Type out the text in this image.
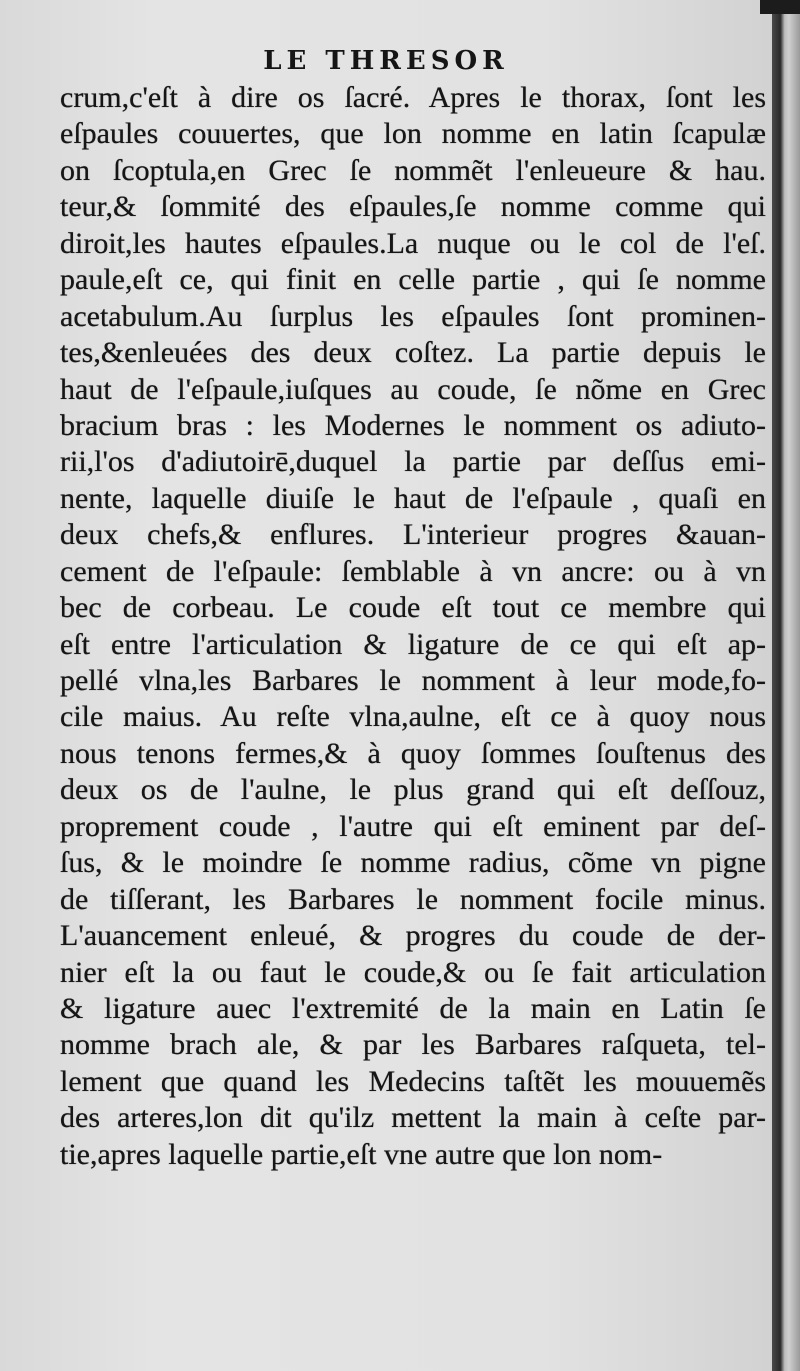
LE THRESOR
crum,c'eſt à dire os ſacré. Apres le thorax, ſont les
eſpaules couuertes, que lon nomme en latin ſcapulæ
on ſcoptula,en Grec ſe nommẽt l'enleueure & hau.
teur,& ſommité des eſpaules,ſe nomme comme qui
diroit,les hautes eſpaules.La nuque ou le col de l'eſ.
paule,eſt ce, qui finit en celle partie , qui ſe nomme
acetabulum.Au ſurplus les eſpaules ſont prominen-
tes,&enleuées des deux coſtez. La partie depuis le
haut de l'eſpaule,iuſques au coude, ſe nõme en Grec
bracium bras : les Modernes le nomment os adiuto-
rii,l'os d'adiutoirē,duquel la partie par deſſus emi-
nente, laquelle diuiſe le haut de l'eſpaule , quaſi en
deux chefs,& enflures. L'interieur progres &auan-
cement de l'eſpaule: ſemblable à vn ancre: ou à vn
bec de corbeau. Le coude eſt tout ce membre qui
eſt entre l'articulation & ligature de ce qui eſt ap-
pellé vlna,les Barbares le nomment à leur mode,fo-
cile maius. Au reſte vlna,aulne, eſt ce à quoy nous
nous tenons fermes,& à quoy ſommes ſouſtenus des
deux os de l'aulne, le plus grand qui eſt deſſouz,
proprement coude , l'autre qui eſt eminent par deſ-
ſus, & le moindre ſe nomme radius, cõme vn pigne
de tiſſerant, les Barbares le nomment focile minus.
L'auancement enleué, & progres du coude de der-
nier eſt la ou faut le coude,& ou ſe fait articulation
& ligature auec l'extremité de la main en Latin ſe
nomme brach ale, & par les Barbares raſqueta, tel-
lement que quand les Medecins taſtẽt les mouuemẽs
des arteres,lon dit qu'ilz mettent la main à ceſte par-
tie,apres laquelle partie,eſt vne autre que lon nom-
